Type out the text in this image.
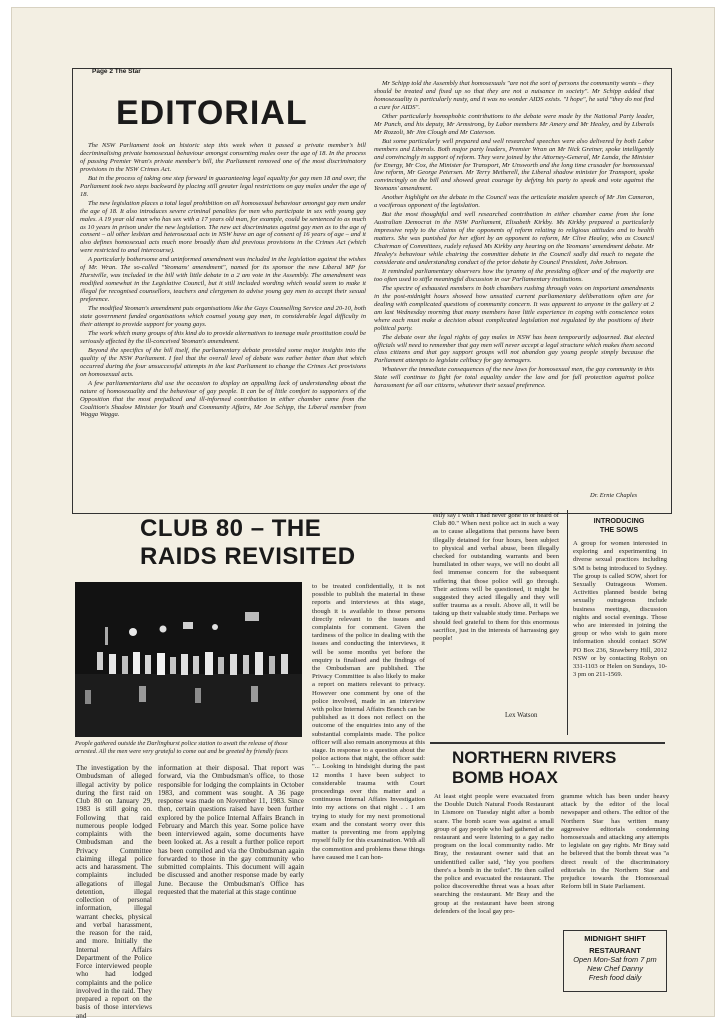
Page 2 The Star
EDITORIAL

The NSW Parliament took an historic step this week when it passed a private member's bill decriminalising private homosexual behaviour amongst consenting males over the age of 18. In the process of passing Premier Wran's private member's bill, the Parliament removed one of the most discriminatory provisions in the NSW Crimes Act.

But in the process of taking one step forward in guaranteeing legal equality for gay men 18 and over, the Parliament took two steps backward by placing still greater legal restrictions on gay males under the age of 18.

The new legislation places a total legal prohibition on all homosexual behaviour amongst gay men under the age of 18. It also introduces severe criminal penalties for men who participate in sex with young gay males. A 19 year old man who has sex with a 17 years old man, for example, could be sentenced to as much as 10 years in prison under the new legislation. The new act discriminates against gay men as to the age of consent – all other lesbian and heterosexual acts in NSW have an age of consent of 16 years of age – and it also defines homosexual acts much more broadly than did previous provisions in the Crimes Act (which were restricted to anal intercourse).

A particularly bothersome and uninformed amendment was included in the legislation against the wishes of Mr. Wran. The so-called "Yeomans' amendment", named for its sponsor the new Liberal MP for Hurstville, was included in the bill with little debate in a 2 am vote in the Assembly. The amendment was modified somewhat in the Legislative Council, but it still included wording which would seem to make it illegal for recognised counsellors, teachers and clergymen to advise young gay men to accept their sexual preference.

The modified Yeoman's amendment puts organisations like the Gays Counselling Service and 20-10, both state government funded organisations which counsel young gay men, in considerable legal difficulty in their attempt to provide support for young gays.

The work which many groups of this kind do to provide alternatives to teenage male prostitution could be seriously affected by the ill-conceived Yeoman's amendment.

Beyond the specifics of the bill itself, the parliamentary debate provided some major insights into the quality of the NSW Parliament. I feel that the overall level of debate was rather better than that which occurred during the four unsuccessful attempts in the last Parliament to change the Crimes Act provisions on homosexual acts.

A few parliamentarians did use the occasion to display an appalling lack of understanding about the nature of homosexuality and the behaviour of gay people. It can be of little comfort to supporters of the Opposition that the most prejudiced and ill-informed contribution in either chamber came from the Coalition's Shadow Minister for Youth and Community Affairs, Mr Joe Schipp, the Liberal member from Wagga Wagga.

Mr Schipp told the Assembly that homosexuals "are not the sort of persons the community wants – they should be treated and fixed up so that they are not a nuisance in society". Mr Schipp added that homosexuality is particularly nasty, and it was no wonder AIDS exists. "I hope", he said "they do not find a cure for AIDS".

Other particularly homophobic contributions to the debate were made by the National Party leader, Mr Punch, and his deputy, Mr Armstrong, by Labor members Mr Amery and Mr Healey, and by Liberals Mr Rozzoli, Mr Jim Clough and Mr Caterson.

But some particularly well prepared and well researched speeches were also delivered by both Labor members and Liberals. Both major party leaders, Premier Wran an Mr Nick Greiner, spoke intelligently and convincingly in support of reform. They were joined by the Attorney-General, Mr Landa, the Minister for Energy, Mr Cox, the Minister for Transport, Mr Unsworth and the long time crusader for homosexual law reform, Mr George Petersen. Mr Terry Metherell, the Liberal shadow minister for Transport, spoke convincingly on the bill and showed great courage by defying his party to speak and vote against the Yeomans' amendment.

Another highlight on the debate in the Council was the articulate maiden speech of Mr Jim Cameron, a vociferous opponent of the legislation.

But the most thoughtful and well researched contribution in either chamber came from the lone Australian Democrat in the NSW Parliament, Elisabeth Kirkby. Ms Kirkby prepared a particularly impressive reply to the claims of the opponents of reform relating to religious attitudes and to health matters. She was punished for her effort by an opponent to reform, Mr Clive Healey, who as Council Chairman of Committees, rudely refused Ms Kirkby any hearing on the Yeomans' amendment debate. Mr Healey's behaviour while chairing the committee debate in the Council sadly did much to negate the considerate and understanding conduct of the prior debate by Council President, John Johnson.

It reminded parliamentary observers how the tyranny of the presiding officer and of the majority are too often used to stifle meaningful discussion in our Parliamentary institutions.

The spectre of exhausted members in both chambers rushing through votes on important amendments in the post-midnight hours showed how unsuited current parliamentary deliberations often are for dealing with complicated questions of community concern. It was apparent to anyone in the gallery at 2 am last Wednesday morning that many members have little experience in coping with conscience votes where each must make a decision about complicated legislation not regulated by the positions of their political party.

The debate over the legal rights of gay males in NSW has been temporarily adjourned. But elected officials will need to remember that gay men will never accept a legal structure which makes them second class citizens and that gay support groups will not abandon gay young people simply because the Parliament attempts to legislate celibacy for gay teenagers.

Whatever the immediate consequences of the new laws for homosexual men, the gay community in this State will continue to fight for total equality under the law and for full protection against police harassment for all our citizens, whatever their sexual preference.

Dr. Ernie Chaples
CLUB 80 – THE
RAIDS REVISITED
People gathered outside the Darlinghurst police station to await the release of those arrested. All the men were very grateful to come out and be greeted by friendly faces
The investigation by the Ombudsman of alleged illegal activity by police during the first raid on Club 80 on January 29, 1983 is still going on. Following that raid numerous people lodged complaints with the Ombudsman and the Privacy Committee claiming illegal police acts and harassment. The complaints included allegations of illegal detention, illegal collection of personal information, illegal warrant checks, physical and verbal harassment, the reason for the raid, and more. Initially the Internal Affairs Department of the Police Force interviewed people who had lodged complaints and the police involved in the raid. They prepared a report on the basis of those interviews and
information at their disposal. That report was forward, via the Ombudsman's office, to those responsible for lodging the complaints in October 1983, and comment was sought. A 36 page response was made on November 11, 1983. Since then, certain questions raised have been further explored by the police Internal Affairs Branch in February and March this year. Some police have been interviewed again, some documents have been looked at. As a result a further police report has been compiled and via the Ombudsman again forwarded to those in the gay community who submitted complaints. This document will again be discussed and another response made by early June. Because the Ombudsman's Office has requested that the material at this stage continue
to be treated confidentially, it is not possible to publish the material in these reports and interviews at this stage, though it is available to those persons directly relevant to the issues and complaints for comment. Given the tardiness of the police in dealing with the issues and conducting the interviews, it will be some months yet before the enquiry is finalised and the findings of the Ombudsman are published. The Privacy Committee is also likely to make a report on matters relevant to privacy. However one comment by one of the police involved, made in an interview with police Internal Affairs Branch can be published as it does not reflect on the outcome of the enquiries into any of the substantial complaints made. The police officer will also remain anonymous at this stage. In response to a question about the police actions that night, the officer said: "... Looking in hindsight during the past 12 months I have been subject to considerable trauma with Court proceedings over this matter and a continuous Internal Affairs Investigation into my actions on that night . . I am trying to study for my next promotional exam and the constant worry over this matter is preventing me from applying myself fully for this examination. With all the commotion and problems these things have caused me I can hon-
estly say I wish I had never gone to or heard of Club 80." When next police act in such a way as to cause allegations that persons have been illegally detained for four hours, been subject to physical and verbal abuse, been illegally checked for outstanding warrants and been humiliated in other ways, we will no doubt all feel immense concern for the subsequent suffering that those police will go through. Their actions will be questioned, it might be suggested they acted illegally and they will suffer trauma as a result. Above all, it will be taking up their valuable study time. Perhaps we should feel grateful to them for this enormous sacrifice, just in the interests of harrassing gay people!
Lex Watson
INTRODUCING
THE SOWS
A group for women interested in exploring and experimenting in diverse sexual practices including S/M is being introduced to Sydney. The group is called SOW, short for Sexually Outrageous Women. Activities planned beside being sexually outrageous include business meetings, discussion nights and social evenings. Those who are interested in joining the group or who wish to gain more information should contact SOW PO Box 236, Strawberry Hill, 2012 NSW or by contacting Robyn on 331-1103 or Helen on Sundays, 10-3 pm on 211-1569.
NORTHERN RIVERS
BOMB HOAX
At least eight people were evacuated from the Double Dutch Natural Foods Restaurant in Lismore on Tuesday night after a bomb scare. The bomb scare was against a small group of gay people who had gathered at the restaurant and were listening to a gay radio program on the local community radio. Mr Bray, the restaurant owner said that an unidentified caller said, "hiy you poofters there's a bomb in the toilet". He then called the police and evacuated the restaurant. The police discoveredthe threat was a hoax after searching the restaurant. Mr Bray and the group at the restaurant have been strong defenders of the local gay pro-
gramme which has been under heavy attack by the editor of the local newspaper and others. The editor of the Northern Star has written many aggressive editorials condemning homosexuals and attacking any attempts to legislate on gay rights. Mr Bray said he believed that the bomb threat was "a direct result of the discriminatory editorials in the Northern Star and prejudice towards the Homosexual Reform bill in State Parliament.
MIDNIGHT SHIFT
RESTAURANT
Open Mon-Sat from 7 pm
New Chef Danny
Fresh food daily
